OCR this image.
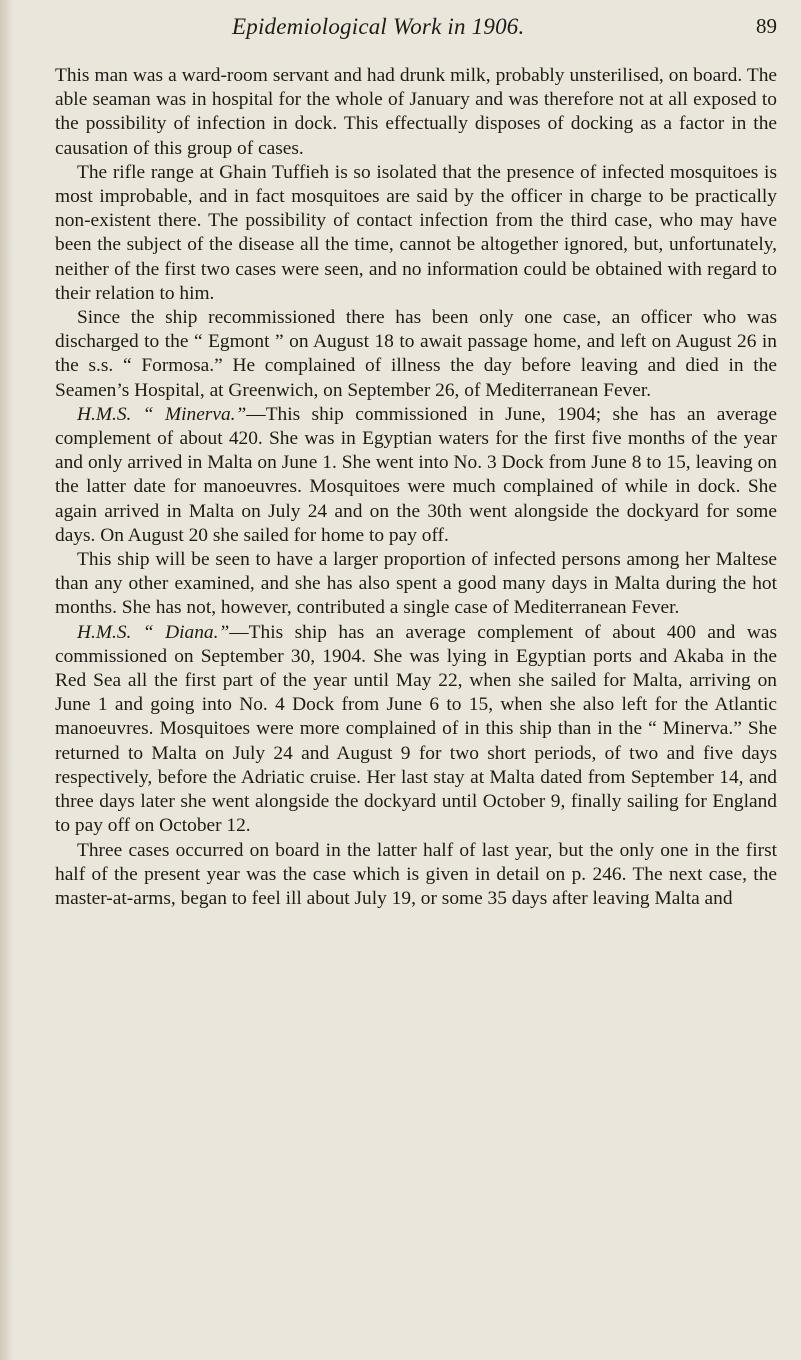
Epidemiological Work in 1906.	89

This man was a ward-room servant and had drunk milk, probably unsterilised, on board. The able seaman was in hospital for the whole of January and was therefore not at all exposed to the possibility of infection in dock. This effectually disposes of docking as a factor in the causation of this group of cases.

The rifle range at Ghain Tuffieh is so isolated that the presence of infected mosquitoes is most improbable, and in fact mosquitoes are said by the officer in charge to be practically non-existent there. The possibility of contact infection from the third case, who may have been the subject of the disease all the time, cannot be altogether ignored, but, unfortunately, neither of the first two cases were seen, and no information could be obtained with regard to their relation to him.

Since the ship recommissioned there has been only one case, an officer who was discharged to the “ Egmont ” on August 18 to await passage home, and left on August 26 in the s.s. “ Formosa.” He complained of illness the day before leaving and died in the Seamen’s Hospital, at Greenwich, on September 26, of Mediterranean Fever.

H.M.S. “ Minerva.”—This ship commissioned in June, 1904; she has an average complement of about 420. She was in Egyptian waters for the first five months of the year and only arrived in Malta on June 1. She went into No. 3 Dock from June 8 to 15, leaving on the latter date for manoeuvres. Mosquitoes were much complained of while in dock. She again arrived in Malta on July 24 and on the 30th went alongside the dockyard for some days. On August 20 she sailed for home to pay off.

This ship will be seen to have a larger proportion of infected persons among her Maltese than any other examined, and she has also spent a good many days in Malta during the hot months. She has not, however, contributed a single case of Mediterranean Fever.

H.M.S. “ Diana.”—This ship has an average complement of about 400 and was commissioned on September 30, 1904. She was lying in Egyptian ports and Akaba in the Red Sea all the first part of the year until May 22, when she sailed for Malta, arriving on June 1 and going into No. 4 Dock from June 6 to 15, when she also left for the Atlantic manoeuvres. Mosquitoes were more complained of in this ship than in the “ Minerva.” She returned to Malta on July 24 and August 9 for two short periods, of two and five days respectively, before the Adriatic cruise. Her last stay at Malta dated from September 14, and three days later she went alongside the dockyard until October 9, finally sailing for England to pay off on October 12.

Three cases occurred on board in the latter half of last year, but the only one in the first half of the present year was the case which is given in detail on p. 246. The next case, the master-at-arms, began to feel ill about July 19, or some 35 days after leaving Malta and
